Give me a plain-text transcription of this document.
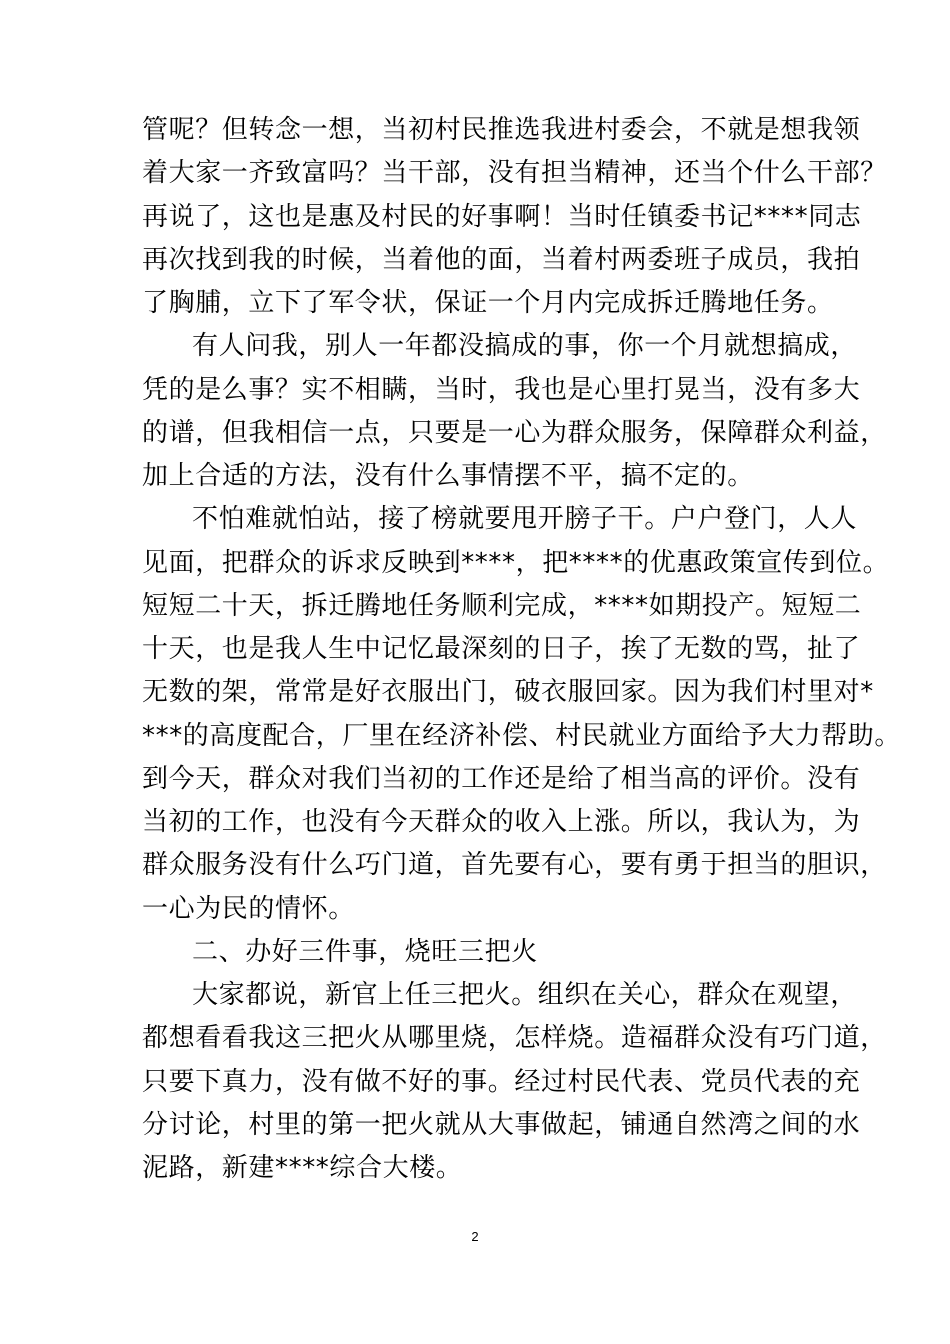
管呢？但转念一想，当初村民推选我进村委会，不就是想我领
着大家一齐致富吗？当干部，没有担当精神，还当个什么干部？
再说了，这也是惠及村民的好事啊！当时任镇委书记****同志
再次找到我的时候，当着他的面，当着村两委班子成员，我拍
了胸脯，立下了军令状，保证一个月内完成拆迁腾地任务。
有人问我，别人一年都没搞成的事，你一个月就想搞成，
凭的是么事？实不相瞒，当时，我也是心里打晃当，没有多大
的谱，但我相信一点，只要是一心为群众服务，保障群众利益，
加上合适的方法，没有什么事情摆不平，搞不定的。
不怕难就怕站，接了榜就要甩开膀子干。户户登门，人人
见面，把群众的诉求反映到****，把****的优惠政策宣传到位。
短短二十天，拆迁腾地任务顺利完成，****如期投产。短短二
十天，也是我人生中记忆最深刻的日子，挨了无数的骂，扯了
无数的架，常常是好衣服出门，破衣服回家。因为我们村里对*
***的高度配合，厂里在经济补偿、村民就业方面给予大力帮助。
到今天，群众对我们当初的工作还是给了相当高的评价。没有
当初的工作，也没有今天群众的收入上涨。所以，我认为，为
群众服务没有什么巧门道，首先要有心，要有勇于担当的胆识，
一心为民的情怀。
二、办好三件事，烧旺三把火
大家都说，新官上任三把火。组织在关心，群众在观望，
都想看看我这三把火从哪里烧，怎样烧。造福群众没有巧门道，
只要下真力，没有做不好的事。经过村民代表、党员代表的充
分讨论，村里的第一把火就从大事做起，铺通自然湾之间的水
泥路，新建****综合大楼。
2
